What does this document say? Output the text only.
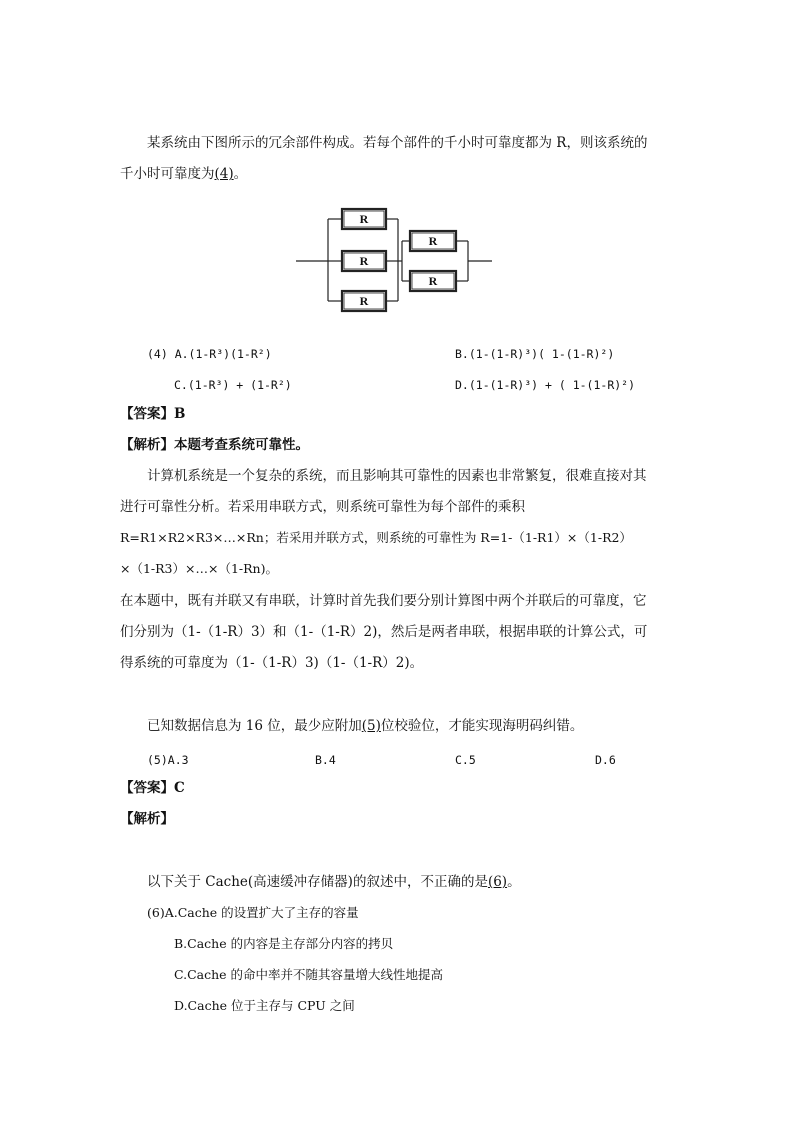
某系统由下图所示的冗余部件构成。若每个部件的千小时可靠度都为 R，则该系统的
千小时可靠度为(4)。
R
R
R
R
R
(4) A.(1-R³)(1-R²)	B.(1-(1-R)³)( 1-(1-R)²)
C.(1-R³) + (1-R²)	D.(1-(1-R)³) + ( 1-(1-R)²)
【答案】B
【解析】本题考查系统可靠性。
计算机系统是一个复杂的系统，而且影响其可靠性的因素也非常繁复，很难直接对其
进行可靠性分析。若采用串联方式，则系统可靠性为每个部件的乘积
R=R1×R2×R3×…×Rn；若采用并联方式，则系统的可靠性为 R=1-（1-R1）×（1-R2）
×（1-R3）×…×（1-Rn)。
在本题中，既有并联又有串联，计算时首先我们要分别计算图中两个并联后的可靠度，它
们分别为（1-（1-R）3）和（1-（1-R）2)，然后是两者串联，根据串联的计算公式，可
得系统的可靠度为（1-（1-R）3)（1-（1-R）2)。
已知数据信息为 16 位，最少应附加(5)位校验位，才能实现海明码纠错。
(5)A.3	B.4	C.5	D.6
【答案】C
【解析】
以下关于 Cache(高速缓冲存储器)的叙述中，不正确的是(6)。
(6)A.Cache 的设置扩大了主存的容量
B.Cache 的内容是主存部分内容的拷贝
C.Cache 的命中率并不随其容量增大线性地提高
D.Cache 位于主存与 CPU 之间
